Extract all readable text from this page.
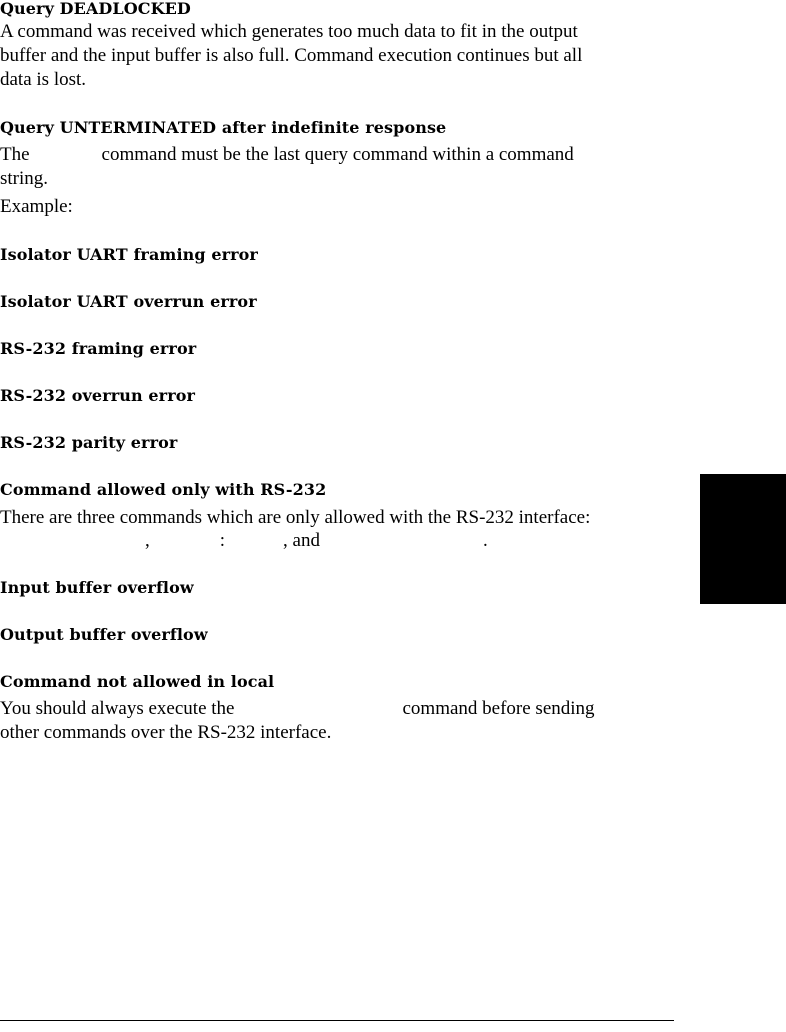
Query DEADLOCKED
A command was received which generates too much data to fit in the output
buffer and the input buffer is also full. Command execution continues but all
data is lost.
Query UNTERMINATED after indefinite response
The	command must be the last query command within a command
string.
Example:
Isolator UART framing error
Isolator UART overrun error
RS-232 framing error
RS-232 overrun error
RS-232 parity error
Command allowed only with RS-232
There are three commands which are only allowed with the RS-232 interface:
,	:	, and	.
Input buffer overflow
Output buffer overflow
Command not allowed in local
You should always execute the	command before sending
other commands over the RS-232 interface.
